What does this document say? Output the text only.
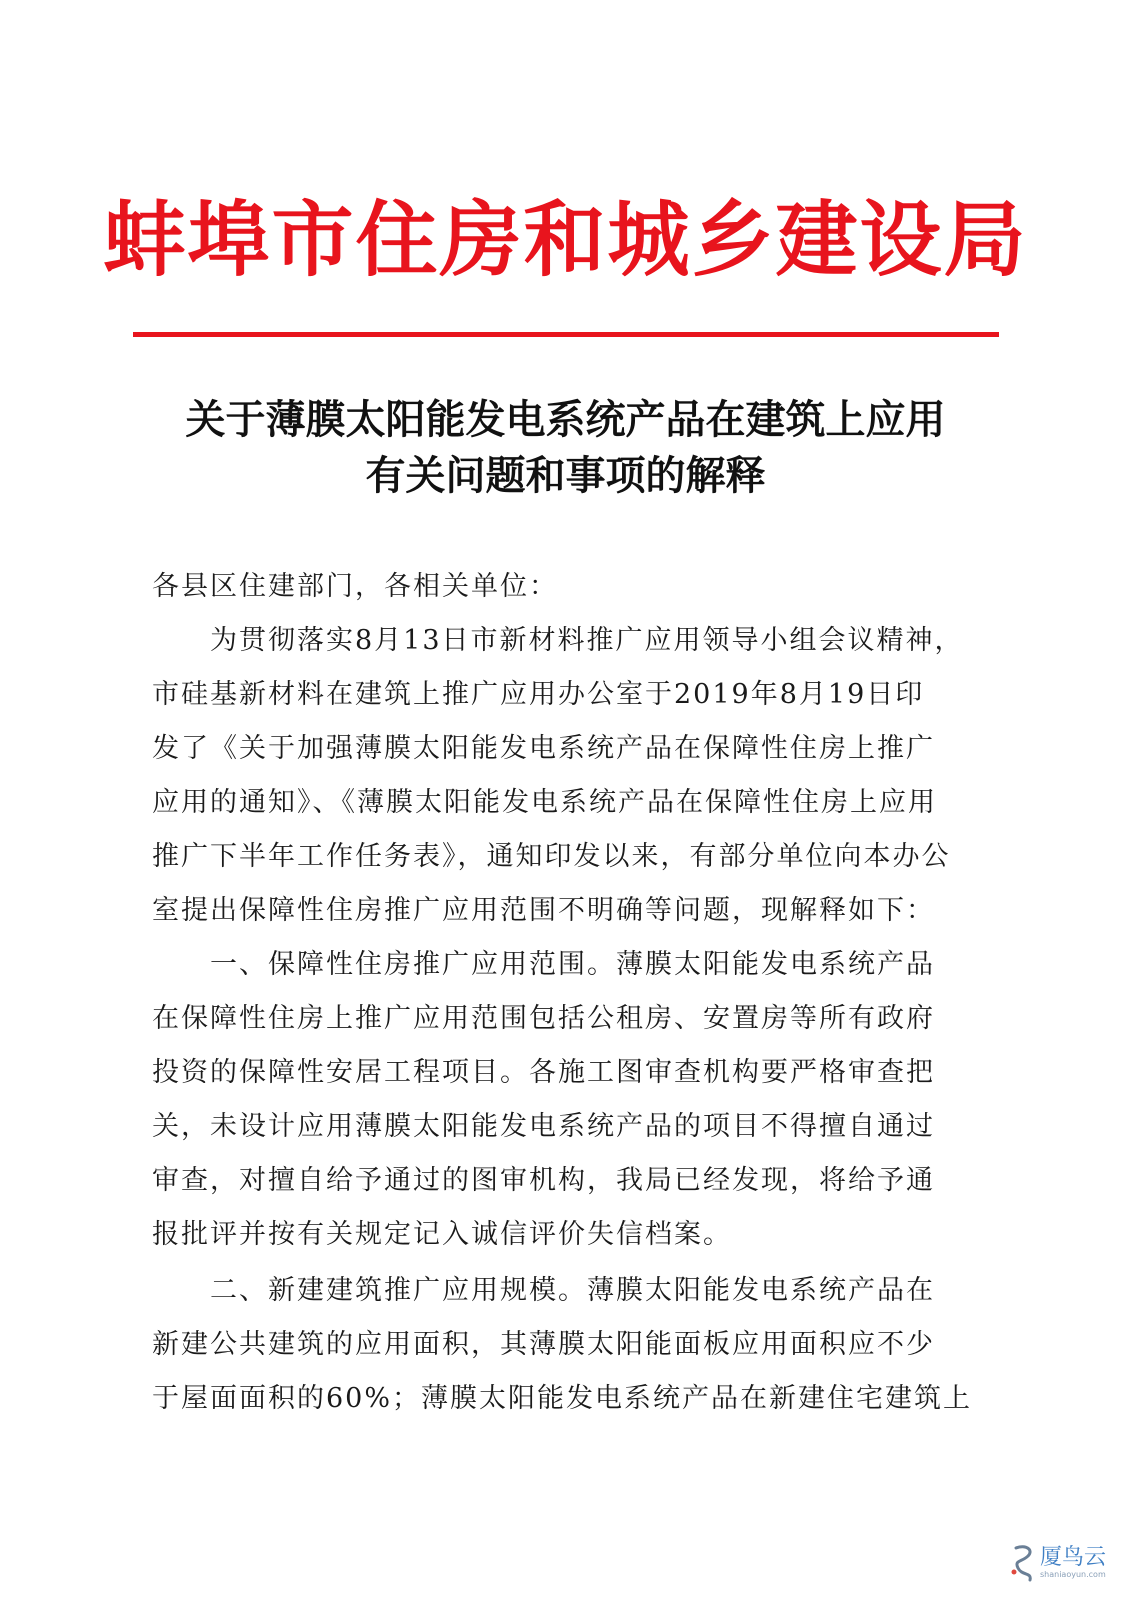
蚌埠市住房和城乡建设局
关于薄膜太阳能发电系统产品在建筑上应用
有关问题和事项的解释
各县区住建部门，各相关单位：
为贯彻落实8月13日市新材料推广应用领导小组会议精神，
市硅基新材料在建筑上推广应用办公室于2019年8月19日印
发了《关于加强薄膜太阳能发电系统产品在保障性住房上推广
应用的通知》、《薄膜太阳能发电系统产品在保障性住房上应用
推广下半年工作任务表》，通知印发以来，有部分单位向本办公
室提出保障性住房推广应用范围不明确等问题，现解释如下：
一、保障性住房推广应用范围。薄膜太阳能发电系统产品
在保障性住房上推广应用范围包括公租房、安置房等所有政府
投资的保障性安居工程项目。各施工图审查机构要严格审查把
关，未设计应用薄膜太阳能发电系统产品的项目不得擅自通过
审查，对擅自给予通过的图审机构，我局已经发现，将给予通
报批评并按有关规定记入诚信评价失信档案。
二、新建建筑推广应用规模。薄膜太阳能发电系统产品在
新建公共建筑的应用面积，其薄膜太阳能面板应用面积应不少
于屋面面积的60%；薄膜太阳能发电系统产品在新建住宅建筑上
厦鸟云
shaniaoyun.com
